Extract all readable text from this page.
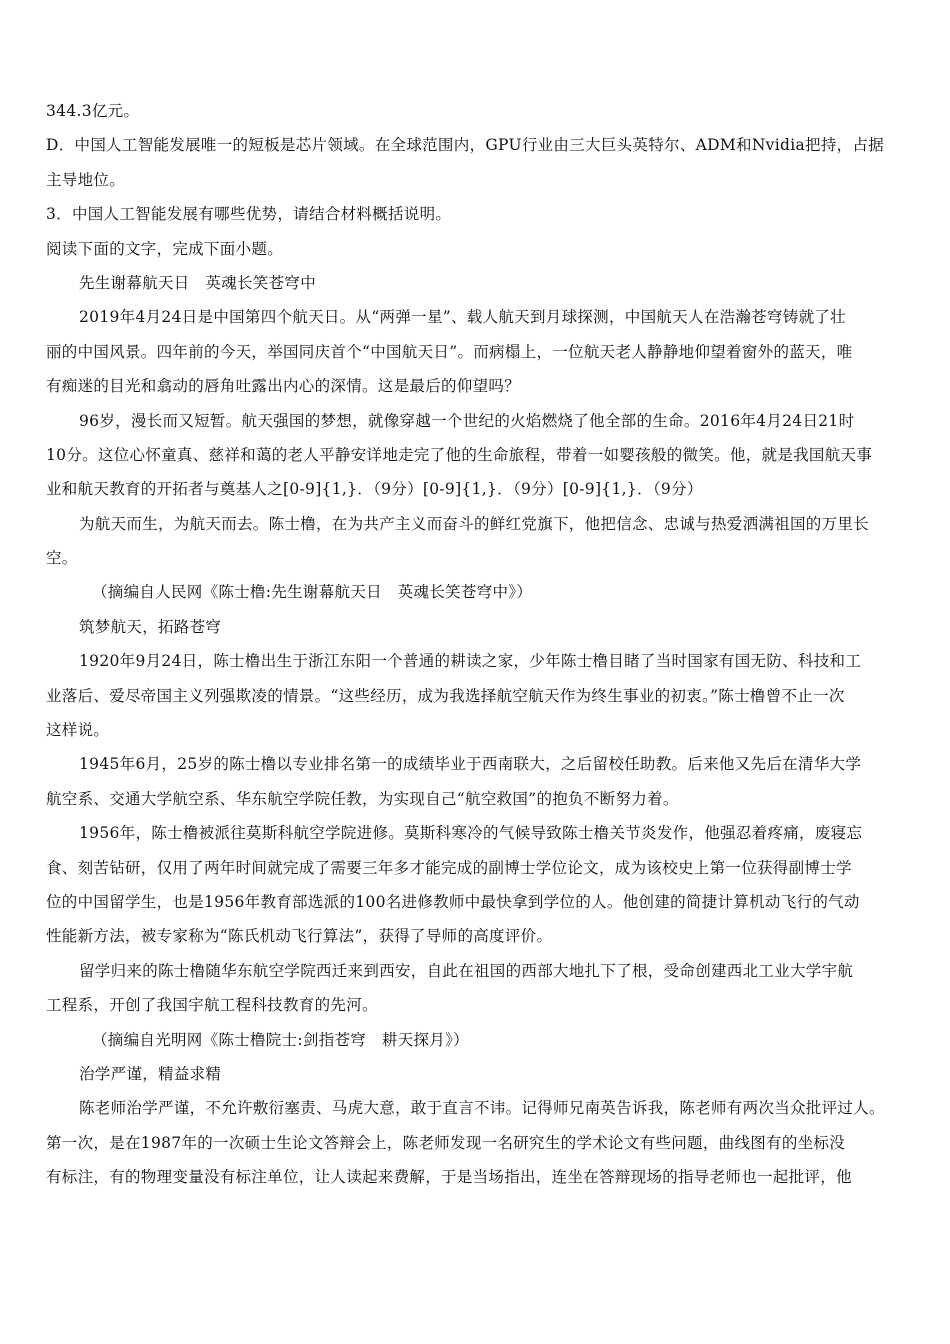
344.3亿元。
D．中国人工智能发展唯一的短板是芯片领域。在全球范围内，GPU行业由三大巨头英特尔、ADM和Nvidia把持，占据
主导地位。
3．中国人工智能发展有哪些优势，请结合材料概括说明。
阅读下面的文字，完成下面小题。
先生谢幕航天日　英魂长笑苍穹中
2019年4月24日是中国第四个航天日。从“两弹一星”、载人航天到月球探测，中国航天人在浩瀚苍穹铸就了壮
丽的中国风景。四年前的今天，举国同庆首个“中国航天日”。而病榻上，一位航天老人静静地仰望着窗外的蓝天，唯
有痴迷的目光和翕动的唇角吐露出内心的深情。这是最后的仰望吗？
96岁，漫长而又短暂。航天强国的梦想，就像穿越一个世纪的火焰燃烧了他全部的生命。2016年4月24日21时
10分。这位心怀童真、慈祥和蔼的老人平静安详地走完了他的生命旅程，带着一如婴孩般的微笑。他，就是我国航天事
业和航天教育的开拓者与奠基人之[0-9]{1,}．（9分）[0-9]{1,}．（9分）[0-9]{1,}．（9分）
为航天而生，为航天而去。陈士橹，在为共产主义而奋斗的鲜红党旗下，他把信念、忠诚与热爱洒满祖国的万里长
空。
（摘编自人民网《陈士橹:先生谢幕航天日　英魂长笑苍穹中》）
筑梦航天，拓路苍穹
1920年9月24日，陈士橹出生于浙江东阳一个普通的耕读之家，少年陈士橹目睹了当时国家有国无防、科技和工
业落后、爱尽帝国主义列强欺凌的情景。“这些经历，成为我选择航空航天作为终生事业的初衷。”陈士橹曾不止一次
这样说。
1945年6月，25岁的陈士橹以专业排名第一的成绩毕业于西南联大，之后留校任助教。后来他又先后在清华大学
航空系、交通大学航空系、华东航空学院任教，为实现自己“航空救国”的抱负不断努力着。
1956年，陈士橹被派往莫斯科航空学院进修。莫斯科寒冷的气候导致陈士橹关节炎发作，他强忍着疼痛，废寝忘
食、刻苦钻研，仅用了两年时间就完成了需要三年多才能完成的副博士学位论文，成为该校史上第一位获得副博士学
位的中国留学生，也是1956年教育部选派的100名进修教师中最快拿到学位的人。他创建的简捷计算机动飞行的气动
性能新方法，被专家称为“陈氏机动飞行算法”，获得了导师的高度评价。
留学归来的陈士橹随华东航空学院西迁来到西安，自此在祖国的西部大地扎下了根，受命创建西北工业大学宇航
工程系，开创了我国宇航工程科技教育的先河。
（摘编自光明网《陈士橹院士:剑指苍穹　耕天探月》）
治学严谨，精益求精
陈老师治学严谨，不允许敷衍塞责、马虎大意，敢于直言不讳。记得师兄南英告诉我，陈老师有两次当众批评过人。
第一次，是在1987年的一次硕士生论文答辩会上，陈老师发现一名研究生的学术论文有些问题，曲线图有的坐标没
有标注，有的物理变量没有标注单位，让人读起来费解，于是当场指出，连坐在答辩现场的指导老师也一起批评，他
